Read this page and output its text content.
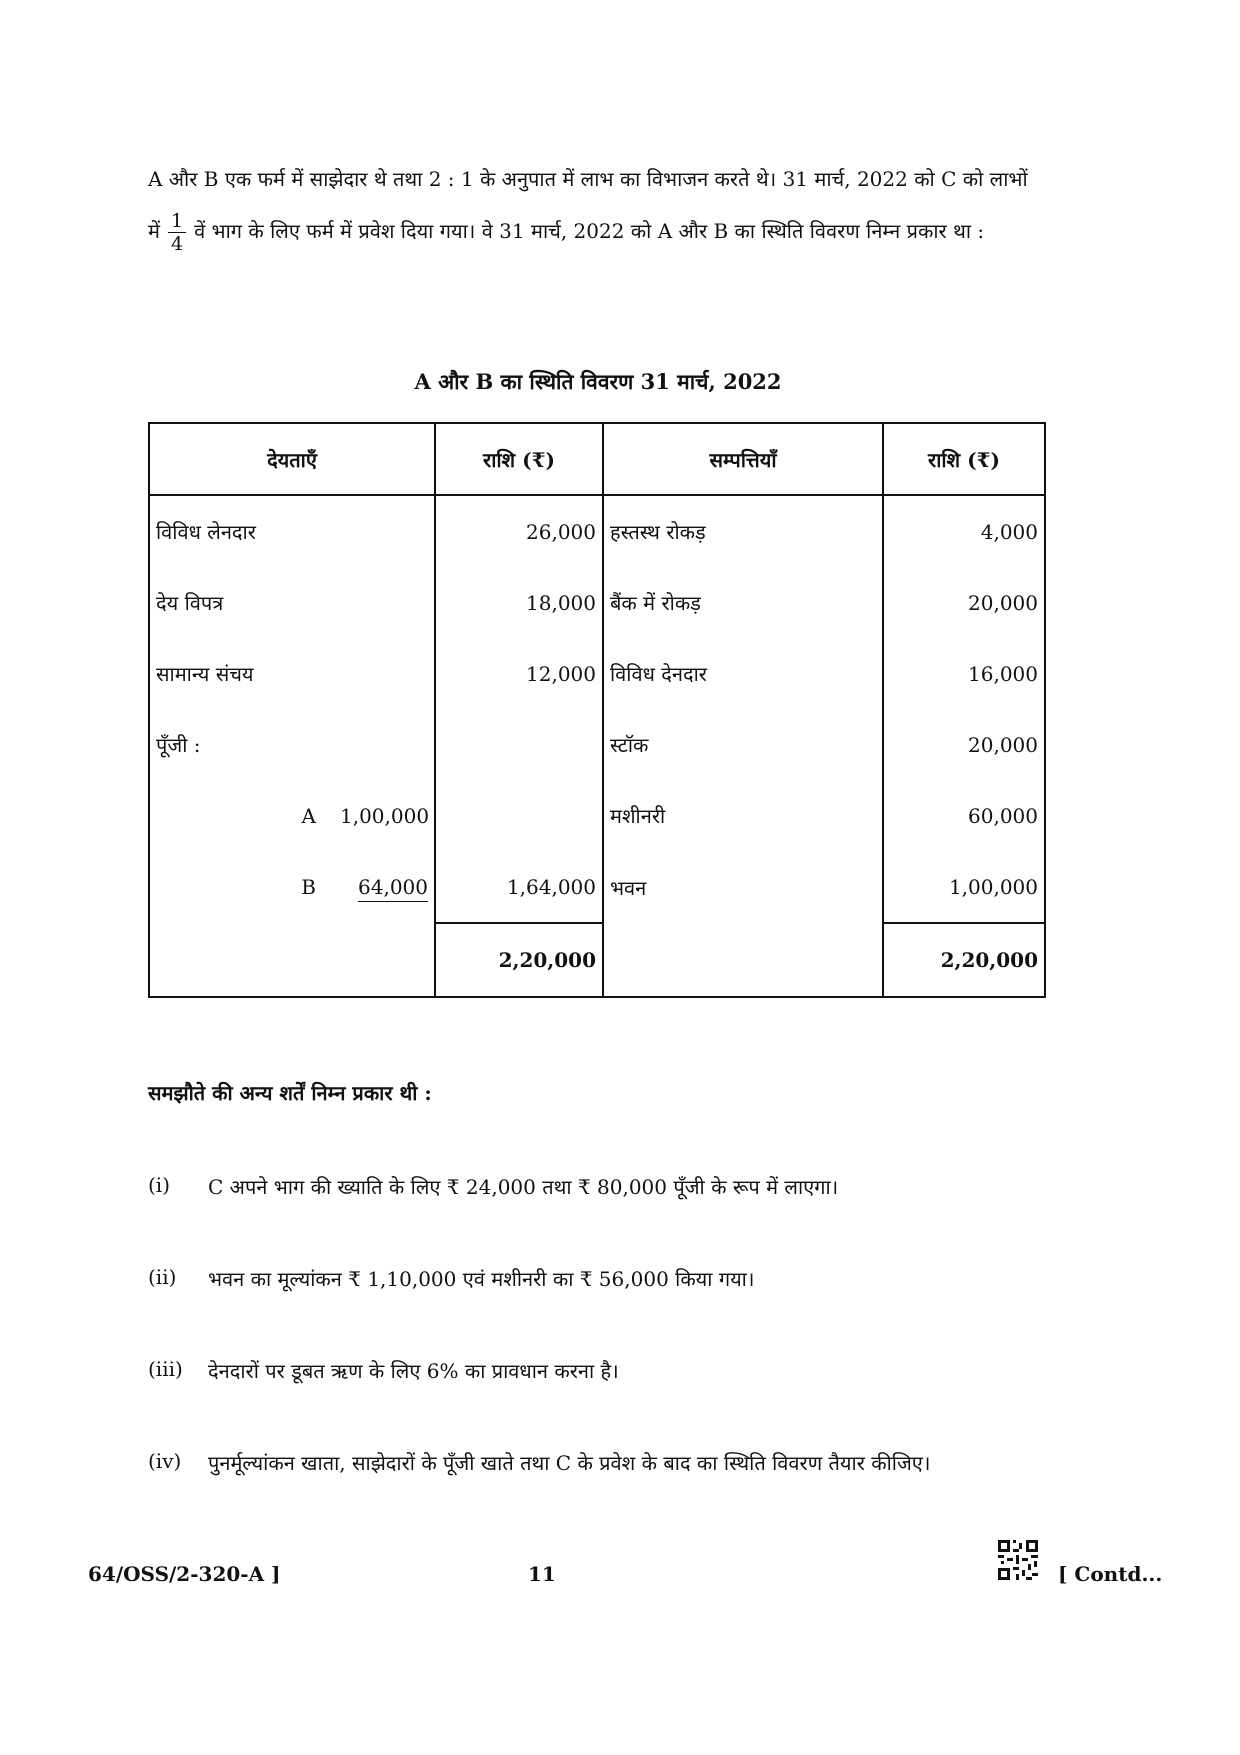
A और B एक फर्म में साझेदार थे तथा 2 : 1 के अनुपात में लाभ का विभाजन करते थे। 31 मार्च, 2022 को C को लाभों
में $\frac{1}{4}$ वें भाग के लिए फर्म में प्रवेश दिया गया। वे 31 मार्च, 2022 को A और B का स्थिति विवरण निम्न प्रकार था :
A और B का स्थिति विवरण 31 मार्च, 2022
देयताएँ	राशि (₹)	सम्पत्तियाँ	राशि (₹)
विविध लेनदार	26,000	हस्तस्थ रोकड़	4,000
देय विपत्र	18,000	बैंक में रोकड़	20,000
सामान्य संचय	12,000	विविध देनदार	16,000
पूँजी :		स्टॉक	20,000

A 1,00,000		मशीनरी	60,000

B 64,000	1,64,000	भवन	1,00,000
	2,20,000		2,20,000
समझौते की अन्य शर्तें निम्न प्रकार थी :
(i)	C अपने भाग की ख्याति के लिए ₹ 24,000 तथा ₹ 80,000 पूँजी के रूप में लाएगा।
(ii)	भवन का मूल्यांकन ₹ 1,10,000 एवं मशीनरी का ₹ 56,000 किया गया।
(iii)	देनदारों पर डूबत ऋण के लिए 6% का प्रावधान करना है।
(iv)	पुनर्मूल्यांकन खाता, साझेदारों के पूँजी खाते तथा C के प्रवेश के बाद का स्थिति विवरण तैयार कीजिए।
64/OSS/2-320-A ]	11	[ Contd...
